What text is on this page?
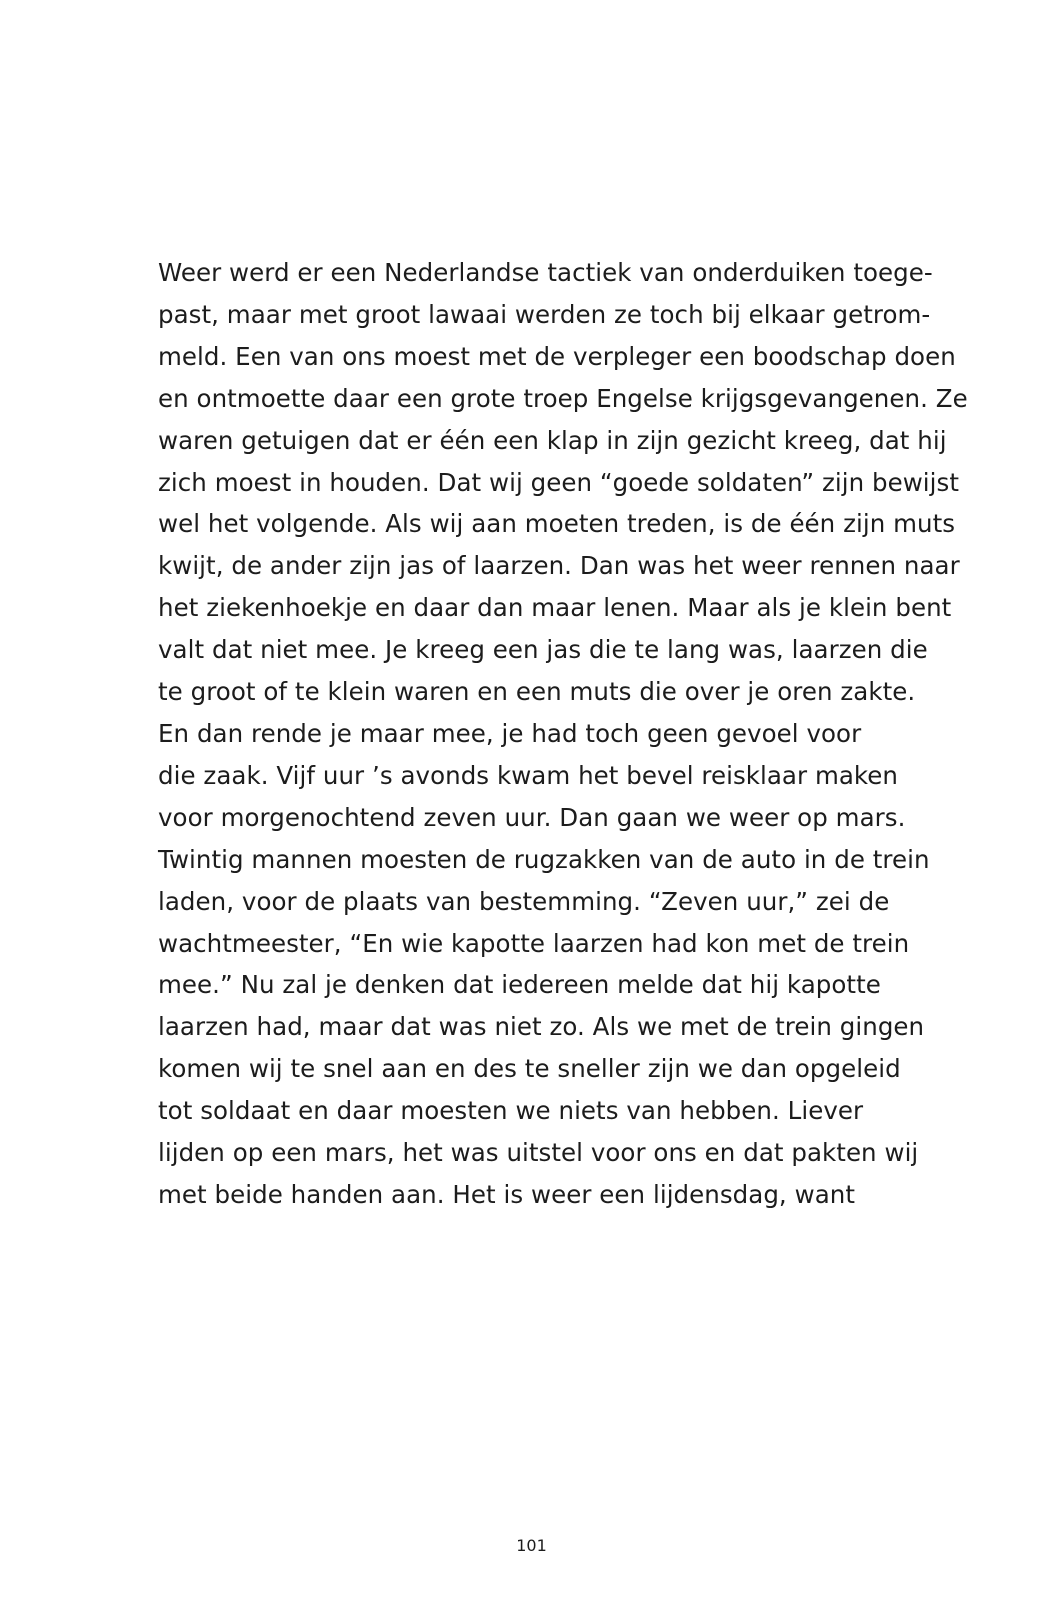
Weer werd er een Nederlandse tactiek van onderduiken toege-
past, maar met groot lawaai werden ze toch bij elkaar getrom-
meld. Een van ons moest met de verpleger een boodschap doen
en ontmoette daar een grote troep Engelse krijgsgevangenen. Ze
waren getuigen dat er één een klap in zijn gezicht kreeg, dat hij
zich moest in houden. Dat wij geen “goede soldaten” zijn bewijst
wel het volgende. Als wij aan moeten treden, is de één zijn muts
kwijt, de ander zijn jas of laarzen. Dan was het weer rennen naar
het ziekenhoekje en daar dan maar lenen. Maar als je klein bent
valt dat niet mee. Je kreeg een jas die te lang was, laarzen die
te groot of te klein waren en een muts die over je oren zakte.
En dan rende je maar mee, je had toch geen gevoel voor
die zaak. Vijf uur ’s avonds kwam het bevel reisklaar maken
voor morgenochtend zeven uur. Dan gaan we weer op mars.
Twintig mannen moesten de rugzakken van de auto in de trein
laden, voor de plaats van bestemming. “Zeven uur,” zei de
wachtmeester, “En wie kapotte laarzen had kon met de trein
mee.” Nu zal je denken dat iedereen melde dat hij kapotte
laarzen had, maar dat was niet zo. Als we met de trein gingen
komen wij te snel aan en des te sneller zijn we dan opgeleid
tot soldaat en daar moesten we niets van hebben. Liever
lijden op een mars, het was uitstel voor ons en dat pakten wij
met beide handen aan. Het is weer een lijdensdag, want
101
